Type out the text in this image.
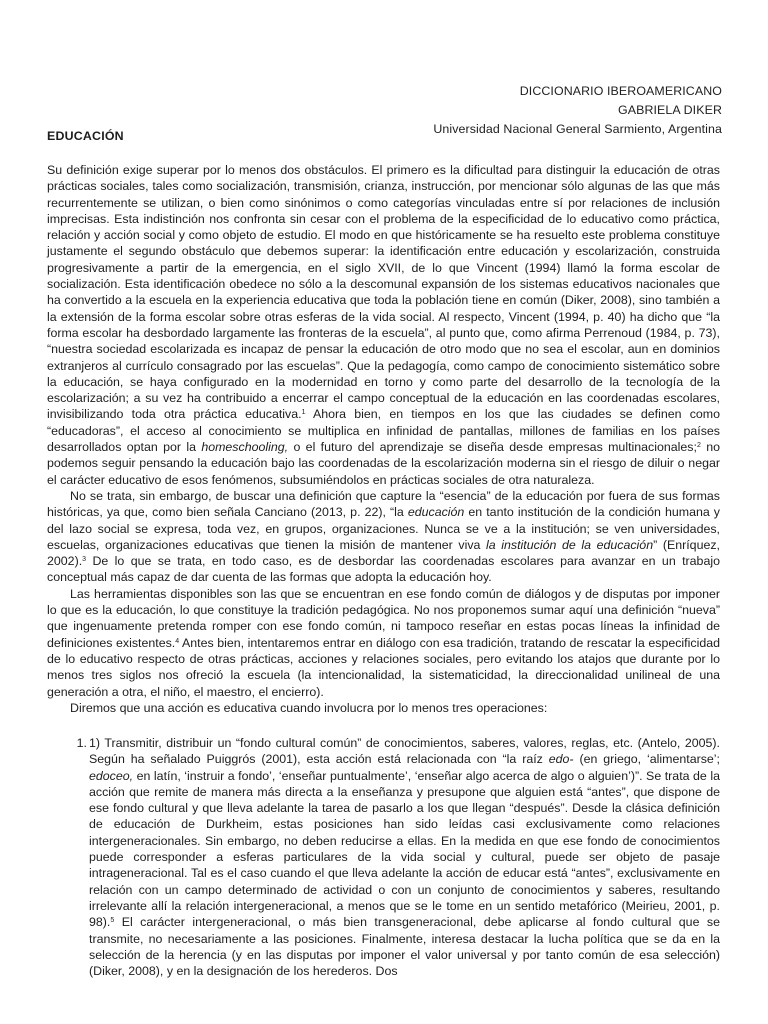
DICCIONARIO IBEROAMERICANO
GABRIELA DIKER
Universidad Nacional General Sarmiento, Argentina
EDUCACIÓN

Su definición exige superar por lo menos dos obstáculos. El primero es la dificultad para distinguir la educación de otras prácticas sociales, tales como socialización, transmisión, crianza, instrucción, por mencionar sólo algunas de las que más recurrentemente se utilizan, o bien como sinónimos o como categorías vinculadas entre sí por relaciones de inclusión imprecisas. Esta indistinción nos confronta sin cesar con el problema de la especificidad de lo educativo como práctica, relación y acción social y como objeto de estudio. El modo en que históricamente se ha resuelto este problema constituye justamente el segundo obstáculo que debemos superar: la identificación entre educación y escolarización, construida progresivamente a partir de la emergencia, en el siglo XVII, de lo que Vincent (1994) llamó la forma escolar de socialización. Esta identificación obedece no sólo a la descomunal expansión de los sistemas educativos nacionales que ha convertido a la escuela en la experiencia educativa que toda la población tiene en común (Diker, 2008), sino también a la extensión de la forma escolar sobre otras esferas de la vida social. Al respecto, Vincent (1994, p. 40) ha dicho que “la forma escolar ha desbordado largamente las fronteras de la escuela”, al punto que, como afirma Perrenoud (1984, p. 73), “nuestra sociedad escolarizada es incapaz de pensar la educación de otro modo que no sea el escolar, aun en dominios extranjeros al currículo consagrado por las escuelas”. Que la pedagogía, como campo de conocimiento sistemático sobre la educación, se haya configurado en la modernidad en torno y como parte del desarrollo de la tecnología de la escolarización; a su vez ha contribuido a encerrar el campo conceptual de la educación en las coordenadas escolares, invisibilizando toda otra práctica educativa.$^1$ Ahora bien, en tiempos en los que las ciudades se definen como “educadoras”, el acceso al conocimiento se multiplica en infinidad de pantallas, millones de familias en los países desarrollados optan por la homeschooling, o el futuro del aprendizaje se diseña desde empresas multinacionales;$^2$ no podemos seguir pensando la educación bajo las coordenadas de la escolarización moderna sin el riesgo de diluir o negar el carácter educativo de esos fenómenos, subsumiéndolos en prácticas sociales de otra naturaleza.

No se trata, sin embargo, de buscar una definición que capture la “esencia” de la educación por fuera de sus formas históricas, ya que, como bien señala Canciano (2013, p. 22), “la educación en tanto institución de la condición humana y del lazo social se expresa, toda vez, en grupos, organizaciones. Nunca se ve a la institución; se ven universidades, escuelas, organizaciones educativas que tienen la misión de mantener viva la institución de la educación” (Enríquez, 2002).$^3$ De lo que se trata, en todo caso, es de desbordar las coordenadas escolares para avanzar en un trabajo conceptual más capaz de dar cuenta de las formas que adopta la educación hoy.

Las herramientas disponibles son las que se encuentran en ese fondo común de diálogos y de disputas por imponer lo que es la educación, lo que constituye la tradición pedagógica. No nos proponemos sumar aquí una definición “nueva” que ingenuamente pretenda romper con ese fondo común, ni tampoco reseñar en estas pocas líneas la infinidad de definiciones existentes.$^4$ Antes bien, intentaremos entrar en diálogo con esa tradición, tratando de rescatar la especificidad de lo educativo respecto de otras prácticas, acciones y relaciones sociales, pero evitando los atajos que durante por lo menos tres siglos nos ofreció la escuela (la intencionalidad, la sistematicidad, la direccionalidad unilineal de una generación a otra, el niño, el maestro, el encierro).

Diremos que una acción es educativa cuando involucra por lo menos tres operaciones:

1. 1) Transmitir, distribuir un “fondo cultural común” de conocimientos, saberes, valores, reglas, etc. (Antelo, 2005). Según ha señalado Puiggrós (2001), esta acción está relacionada con “la raíz edo- (en griego, ‘alimentarse’; edoceo, en latín, ‘instruir a fondo’, ‘enseñar puntualmente’, ‘enseñar algo acerca de algo o alguien’)”. Se trata de la acción que remite de manera más directa a la enseñanza y presupone que alguien está “antes”, que dispone de ese fondo cultural y que lleva adelante la tarea de pasarlo a los que llegan “después”. Desde la clásica definición de educación de Durkheim, estas posiciones han sido leídas casi exclusivamente como relaciones intergeneracionales. Sin embargo, no deben reducirse a ellas. En la medida en que ese fondo de conocimientos puede corresponder a esferas particulares de la vida social y cultural, puede ser objeto de pasaje intrageneracional. Tal es el caso cuando el que lleva adelante la acción de educar está “antes”, exclusivamente en relación con un campo determinado de actividad o con un conjunto de conocimientos y saberes, resultando irrelevante allí la relación intergeneracional, a menos que se le tome en un sentido metafórico (Meirieu, 2001, p. 98).$^5$ El carácter intergeneracional, o más bien transgeneracional, debe aplicarse al fondo cultural que se transmite, no necesariamente a las posiciones. Finalmente, interesa destacar la lucha política que se da en la selección de la herencia (y en las disputas por imponer el valor universal y por tanto común de esa selección) (Diker, 2008), y en la designación de los herederos. Dos
